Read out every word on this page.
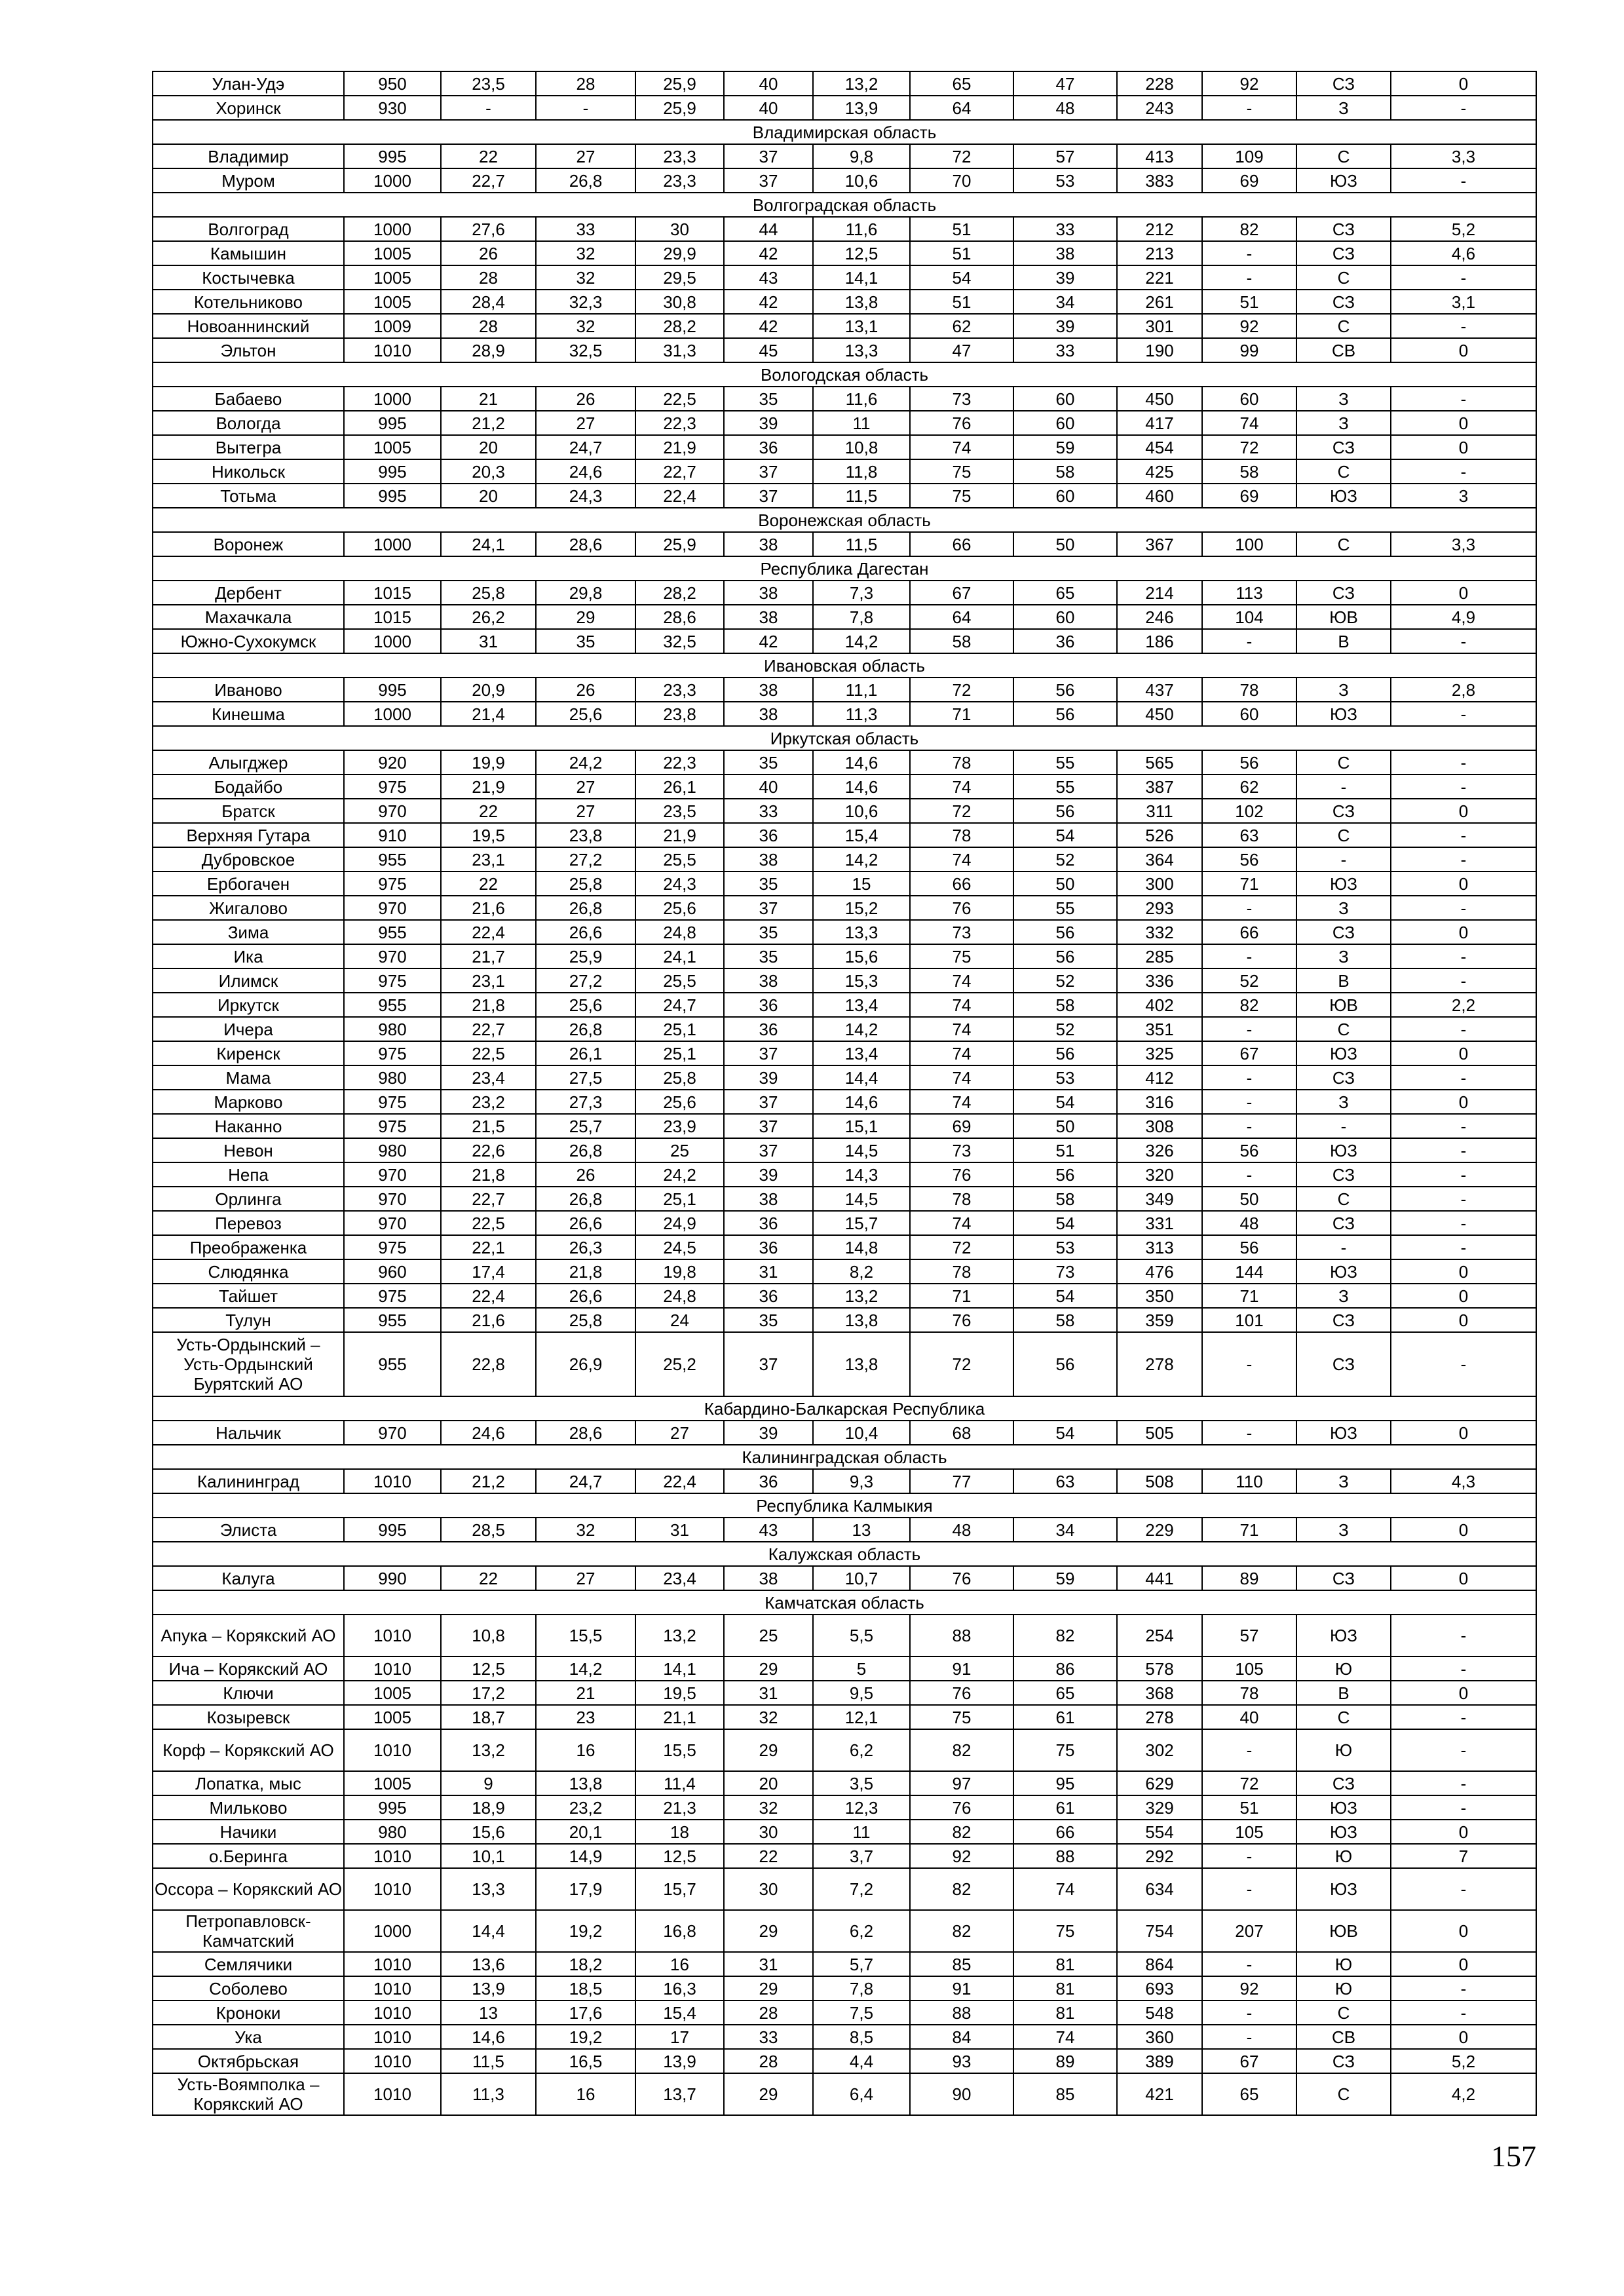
Улан-Удэ	950	23,5	28	25,9	40	13,2	65	47	228	92	СЗ	0
Хоринск	930	-	-	25,9	40	13,9	64	48	243	-	З	-
Владимирская область												
Владимир	995	22	27	23,3	37	9,8	72	57	413	109	С	3,3
Муром	1000	22,7	26,8	23,3	37	10,6	70	53	383	69	ЮЗ	-
Волгоградская область												
Волгоград	1000	27,6	33	30	44	11,6	51	33	212	82	СЗ	5,2
Камышин	1005	26	32	29,9	42	12,5	51	38	213	-	СЗ	4,6
Костычевка	1005	28	32	29,5	43	14,1	54	39	221	-	С	-
Котельниково	1005	28,4	32,3	30,8	42	13,8	51	34	261	51	СЗ	3,1
Новоаннинский	1009	28	32	28,2	42	13,1	62	39	301	92	С	-
Эльтон	1010	28,9	32,5	31,3	45	13,3	47	33	190	99	СВ	0
Вологодская область												
Бабаево	1000	21	26	22,5	35	11,6	73	60	450	60	З	-
Вологда	995	21,2	27	22,3	39	11	76	60	417	74	З	0
Вытегра	1005	20	24,7	21,9	36	10,8	74	59	454	72	СЗ	0
Никольск	995	20,3	24,6	22,7	37	11,8	75	58	425	58	С	-
Тотьма	995	20	24,3	22,4	37	11,5	75	60	460	69	ЮЗ	3
Воронежская область												
Воронеж	1000	24,1	28,6	25,9	38	11,5	66	50	367	100	С	3,3
Республика Дагестан												
Дербент	1015	25,8	29,8	28,2	38	7,3	67	65	214	113	СЗ	0
Махачкала	1015	26,2	29	28,6	38	7,8	64	60	246	104	ЮВ	4,9
Южно-Сухокумск	1000	31	35	32,5	42	14,2	58	36	186	-	В	-
Ивановская область												
Иваново	995	20,9	26	23,3	38	11,1	72	56	437	78	З	2,8
Кинешма	1000	21,4	25,6	23,8	38	11,3	71	56	450	60	ЮЗ	-
Иркутская область												
Алыгджер	920	19,9	24,2	22,3	35	14,6	78	55	565	56	С	-
Бодайбо	975	21,9	27	26,1	40	14,6	74	55	387	62	-	-
Братск	970	22	27	23,5	33	10,6	72	56	311	102	СЗ	0
Верхняя Гутара	910	19,5	23,8	21,9	36	15,4	78	54	526	63	С	-
Дубровское	955	23,1	27,2	25,5	38	14,2	74	52	364	56	-	-
Ербогачен	975	22	25,8	24,3	35	15	66	50	300	71	ЮЗ	0
Жигалово	970	21,6	26,8	25,6	37	15,2	76	55	293	-	З	-
Зима	955	22,4	26,6	24,8	35	13,3	73	56	332	66	СЗ	0
Ика	970	21,7	25,9	24,1	35	15,6	75	56	285	-	З	-
Илимск	975	23,1	27,2	25,5	38	15,3	74	52	336	52	В	-
Иркутск	955	21,8	25,6	24,7	36	13,4	74	58	402	82	ЮВ	2,2
Ичера	980	22,7	26,8	25,1	36	14,2	74	52	351	-	С	-
Киренск	975	22,5	26,1	25,1	37	13,4	74	56	325	67	ЮЗ	0
Мама	980	23,4	27,5	25,8	39	14,4	74	53	412	-	СЗ	-
Марково	975	23,2	27,3	25,6	37	14,6	74	54	316	-	З	0
Наканно	975	21,5	25,7	23,9	37	15,1	69	50	308	-	-	-
Невон	980	22,6	26,8	25	37	14,5	73	51	326	56	ЮЗ	-
Непа	970	21,8	26	24,2	39	14,3	76	56	320	-	СЗ	-
Орлинга	970	22,7	26,8	25,1	38	14,5	78	58	349	50	С	-
Перевоз	970	22,5	26,6	24,9	36	15,7	74	54	331	48	СЗ	-
Преображенка	975	22,1	26,3	24,5	36	14,8	72	53	313	56	-	-
Слюдянка	960	17,4	21,8	19,8	31	8,2	78	73	476	144	ЮЗ	0
Тайшет	975	22,4	26,6	24,8	36	13,2	71	54	350	71	З	0
Тулун	955	21,6	25,8	24	35	13,8	76	58	359	101	СЗ	0
Усть-Ордынский – Усть-Ордынский Бурятский АО	955	22,8	26,9	25,2	37	13,8	72	56	278	-	СЗ	-
Кабардино-Балкарская Республика												
Нальчик	970	24,6	28,6	27	39	10,4	68	54	505	-	ЮЗ	0
Калининградская область												
Калининград	1010	21,2	24,7	22,4	36	9,3	77	63	508	110	З	4,3
Республика Калмыкия												
Элиста	995	28,5	32	31	43	13	48	34	229	71	З	0
Калужская область												
Калуга	990	22	27	23,4	38	10,7	76	59	441	89	СЗ	0
Камчатская область												
Апука – Корякский АО	1010	10,8	15,5	13,2	25	5,5	88	82	254	57	ЮЗ	-
Ича – Корякский АО	1010	12,5	14,2	14,1	29	5	91	86	578	105	Ю	-
Ключи	1005	17,2	21	19,5	31	9,5	76	65	368	78	В	0
Козыревск	1005	18,7	23	21,1	32	12,1	75	61	278	40	С	-
Корф – Корякский АО	1010	13,2	16	15,5	29	6,2	82	75	302	-	Ю	-
Лопатка, мыс	1005	9	13,8	11,4	20	3,5	97	95	629	72	СЗ	-
Мильково	995	18,9	23,2	21,3	32	12,3	76	61	329	51	ЮЗ	-
Начики	980	15,6	20,1	18	30	11	82	66	554	105	ЮЗ	0
о.Беринга	1010	10,1	14,9	12,5	22	3,7	92	88	292	-	Ю	7
Оссора – Корякский АО	1010	13,3	17,9	15,7	30	7,2	82	74	634	-	ЮЗ	-
Петропавловск-Камчатский	1000	14,4	19,2	16,8	29	6,2	82	75	754	207	ЮВ	0
Семлячики	1010	13,6	18,2	16	31	5,7	85	81	864	-	Ю	0
Соболево	1010	13,9	18,5	16,3	29	7,8	91	81	693	92	Ю	-
Кроноки	1010	13	17,6	15,4	28	7,5	88	81	548	-	С	-
Ука	1010	14,6	19,2	17	33	8,5	84	74	360	-	СВ	0
Октябрьская	1010	11,5	16,5	13,9	28	4,4	93	89	389	67	СЗ	5,2
Усть-Воямполка – Корякский АО	1010	11,3	16	13,7	29	6,4	90	85	421	65	С	4,2
157
